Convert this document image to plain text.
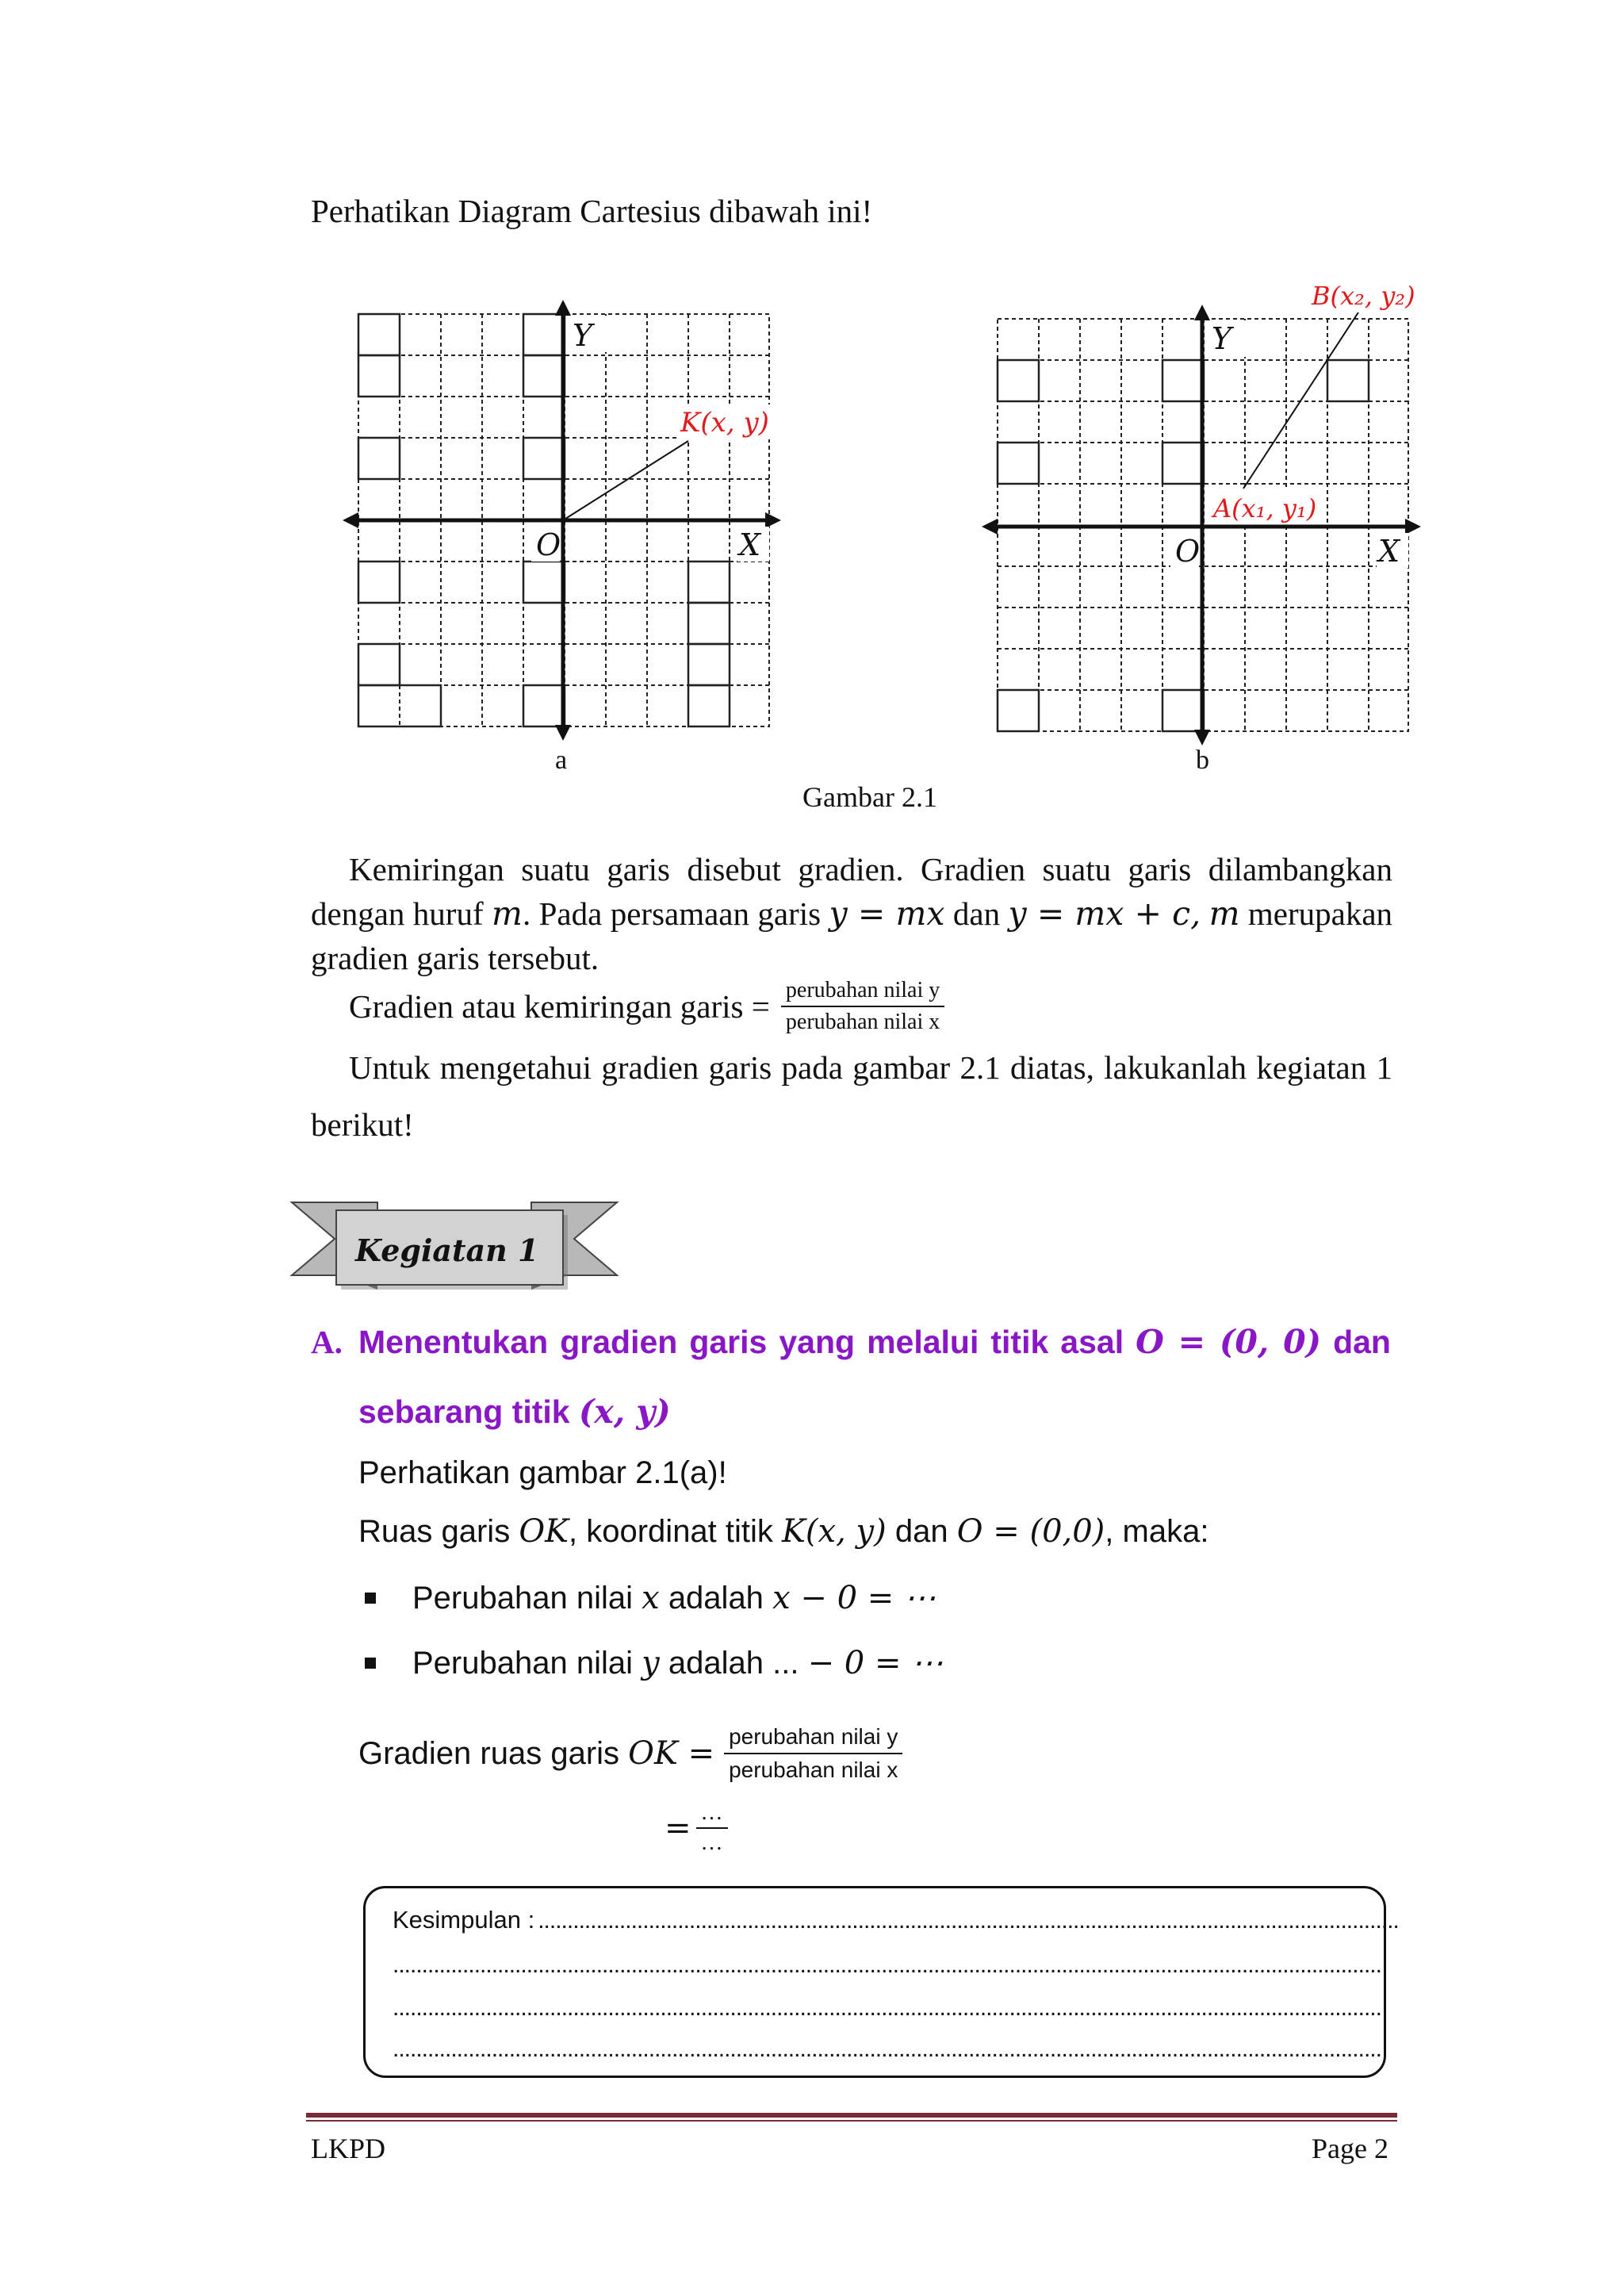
Perhatikan Diagram Cartesius dibawah ini!
Y
O	X
K(x, y)
a
Y
O	X
A(x₁, y₁)
B(x₂, y₂)
b
Gambar 2.1
Kemiringan suatu garis disebut gradien. Gradien suatu garis dilambangkan
dengan huruf m. Pada persamaan garis y = mx dan y = mx + c, m merupakan
gradien garis tersebut.
Gradien atau kemiringan garis = $\frac{\text{perubahan nilai y}}{\text{perubahan nilai x}}$
Untuk mengetahui gradien garis pada gambar 2.1 diatas, lakukanlah kegiatan 1
berikut!
Kegiatan 1
A. Menentukan gradien garis yang melalui titik asal O = (0, 0) dan
sebarang titik (x, y)
Perhatikan gambar 2.1(a)!
Ruas garis OK, koordinat titik K(x, y) dan O = (0,0), maka:
Perubahan nilai
x
adalah
x − 0 = ⋯
Perubahan nilai
y
adalah ...
− 0 = ⋯
Gradien ruas garis
OK = $\frac{\text{perubahan nilai y}}{\text{perubahan nilai x}}$
= $\frac{\dots}{\dots}$
Kesimpulan : ....................................................................................................................................................
..........................................................................................................................................................................
..........................................................................................................................................................................
..........................................................................................................................................................................
LKPD	Page 2
